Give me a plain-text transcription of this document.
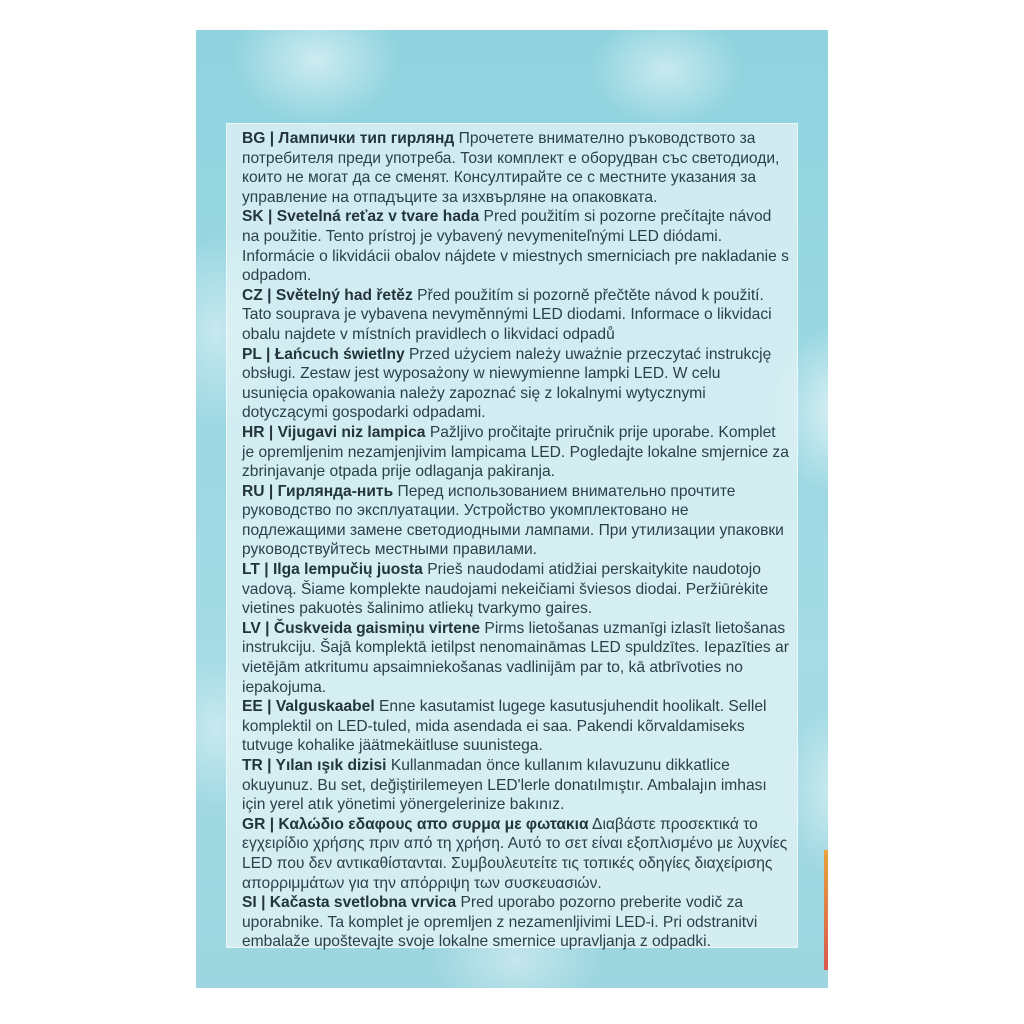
BG | Лампички тип гирлянд Прочетете внимателно ръководството за потребителя преди употреба. Този комплект е оборудван със светодиоди, които не могат да се сменят. Консултирайте се с местните указания за управление на отпадъците за изхвърляне на опаковката.

SK | Svetelná reťaz v tvare hada Pred použitím si pozorne prečítajte návod na použitie. Tento prístroj je vybavený nevymeniteľnými LED diódami. Informácie o likvidácii obalov nájdete v miestnych smerniciach pre nakladanie s odpadom.

CZ | Světelný had řetěz Před použitím si pozorně přečtěte návod k použití. Tato souprava je vybavena nevyměnnými LED diodami. Informace o likvidaci obalu najdete v místních pravidlech o likvidaci odpadů

PL | Łańcuch świetlny Przed użyciem należy uważnie przeczytać instrukcję obsługi. Zestaw jest wyposażony w niewymienne lampki LED. W celu usunięcia opakowania należy zapoznać się z lokalnymi wytycznymi dotyczącymi gospodarki odpadami.

HR | Vijugavi niz lampica Pažljivo pročitajte priručnik prije uporabe. Komplet je opremljenim nezamjenjivim lampicama LED. Pogledajte lokalne smjernice za zbrinjavanje otpada prije odlaganja pakiranja.

RU | Гирлянда-нить Перед использованием внимательно прочтите руководство по эксплуатации. Устройство укомплектовано не подлежащими замене светодиодными лампами. При утилизации упаковки руководствуйтесь местными правилами.

LT | Ilga lempučių juosta Prieš naudodami atidžiai perskaitykite naudotojo vadovą. Šiame komplekte naudojami nekeičiami šviesos diodai. Peržiūrėkite vietines pakuotės šalinimo atliekų tvarkymo gaires.

LV | Čuskveida gaismiņu virtene Pirms lietošanas uzmanīgi izlasīt lietošanas instrukciju. Šajā komplektā ietilpst nenomaināmas LED spuldzītes. Iepazīties ar vietējām atkritumu apsaimniekošanas vadlinijām par to, kā atbrīvoties no iepakojuma.

EE | Valguskaabel Enne kasutamist lugege kasutusjuhendit hoolikalt. Sellel komplektil on LED-tuled, mida asendada ei saa. Pakendi kõrvaldamiseks tutvuge kohalike jäätmekäitluse suunistega.

TR | Yılan ışık dizisi Kullanmadan önce kullanım kılavuzunu dikkatlice okuyunuz. Bu set, değiştirilemeyen LED'lerle donatılmıştır. Ambalajın imhası için yerel atık yönetimi yönergelerinize bakınız.

GR | Καλώδιο εδαφους απο συρμα με φωτακια Διαβάστε προσεκτικά το εγχειρίδιο χρήσης πριν από τη χρήση. Αυτό το σετ είναι εξοπλισμένο με λυχνίες LED που δεν αντικαθίστανται. Συμβουλευτείτε τις τοπικές οδηγίες διαχείρισης απορριμμάτων για την απόρριψη των συσκευασιών.

SI | Kačasta svetlobna vrvica Pred uporabo pozorno preberite vodič za uporabnike. Ta komplet je opremljen z nezamenljivimi LED-i. Pri odstranitvi embalaže upoštevajte svoje lokalne smernice upravljanja z odpadki.
